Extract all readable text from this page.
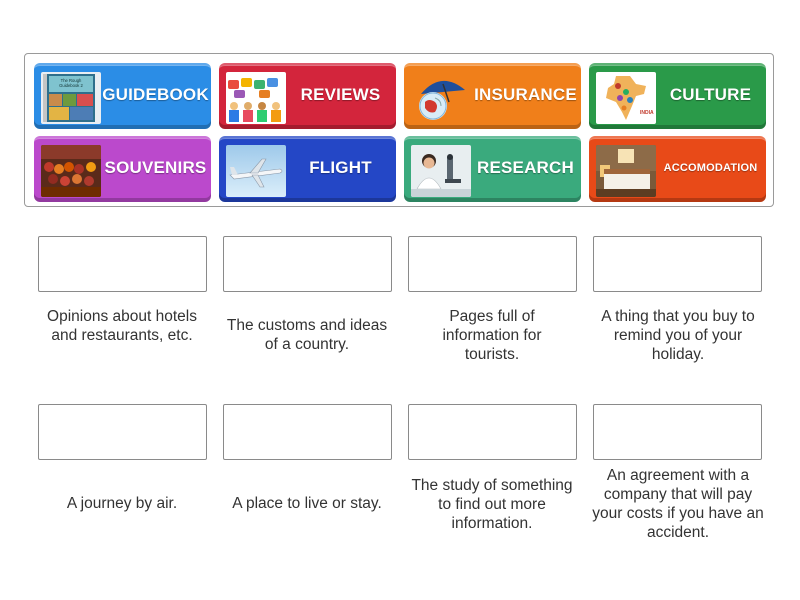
The Rough
Guidebook 2 GUIDEBOOK	REVIEWS	INSURANCE
INDIA
CULTURE
SOUVENIRS	FLIGHT	RESEARCH	ACCOMODATION
Opinions about hotels and restaurants, etc.
The customs and ideas of a country.
Pages full of information for tourists.
A thing that you buy to remind you of your holiday.
A journey by air.	A place to live or stay.
The study of something to find out more information.
An agreement with a company that will pay your costs if you have an accident.
